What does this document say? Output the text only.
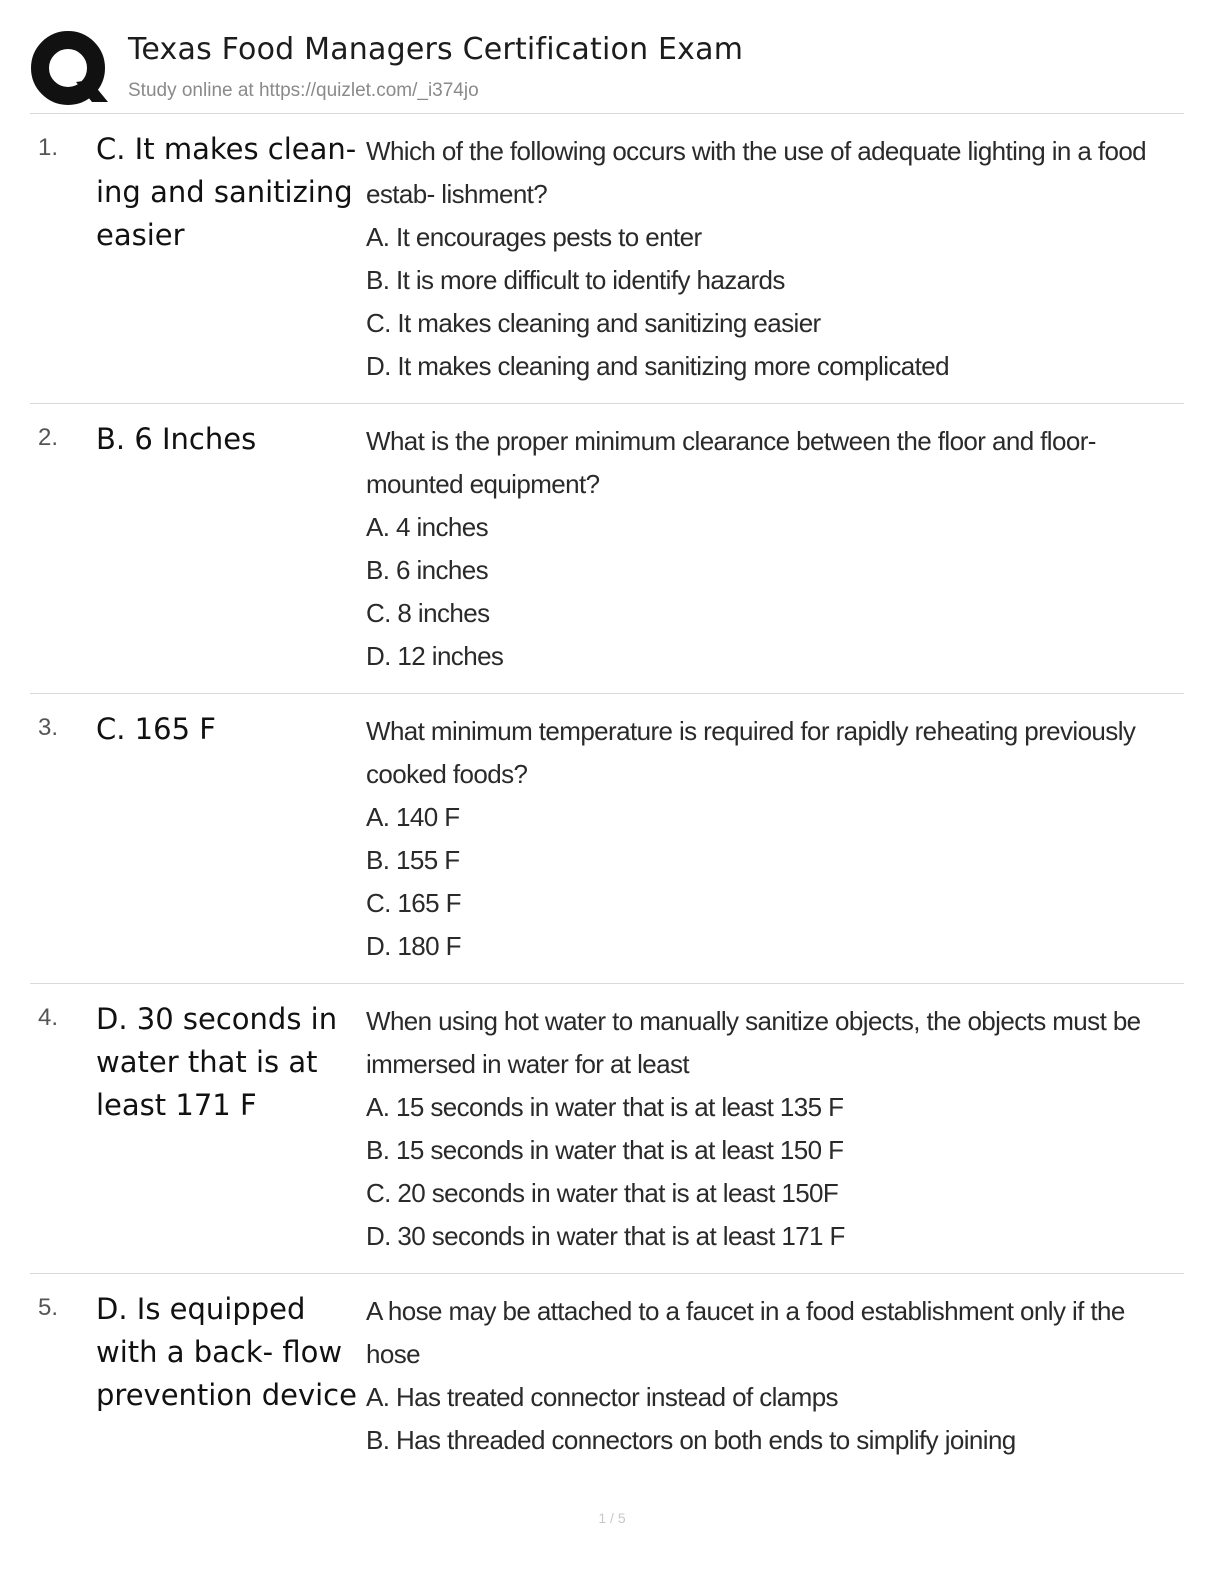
Texas Food Managers Certification Exam
Study online at https://quizlet.com/_i374jo
1. C. It makes clean- ing and sanitizing easier
Which of the following occurs with the use of adequate lighting in a food estab- lishment?
A. It encourages pests to enter
B. It is more difficult to identify hazards
C. It makes cleaning and sanitizing easier
D. It makes cleaning and sanitizing more complicated
2. B. 6 Inches	What is the proper minimum clearance between the floor and floor-mounted equipment?
A. 4 inches
B. 6 inches
C. 8 inches
D. 12 inches
3. C. 165 F	What minimum temperature is required for rapidly reheating previously cooked foods?
A. 140 F
B. 155 F
C. 165 F
D. 180 F
4. D. 30 seconds in water that is at least 171 F
When using hot water to manually sanitize objects, the objects must be immersed in water for at least
A. 15 seconds in water that is at least 135 F
B. 15 seconds in water that is at least 150 F
C. 20 seconds in water that is at least 150F
D. 30 seconds in water that is at least 171 F
5. D. Is equipped with a back- flow prevention device
A hose may be attached to a faucet in a food establishment only if the hose
A. Has treated connector instead of clamps
B. Has threaded connectors on both ends to simplify joining
1 / 5
